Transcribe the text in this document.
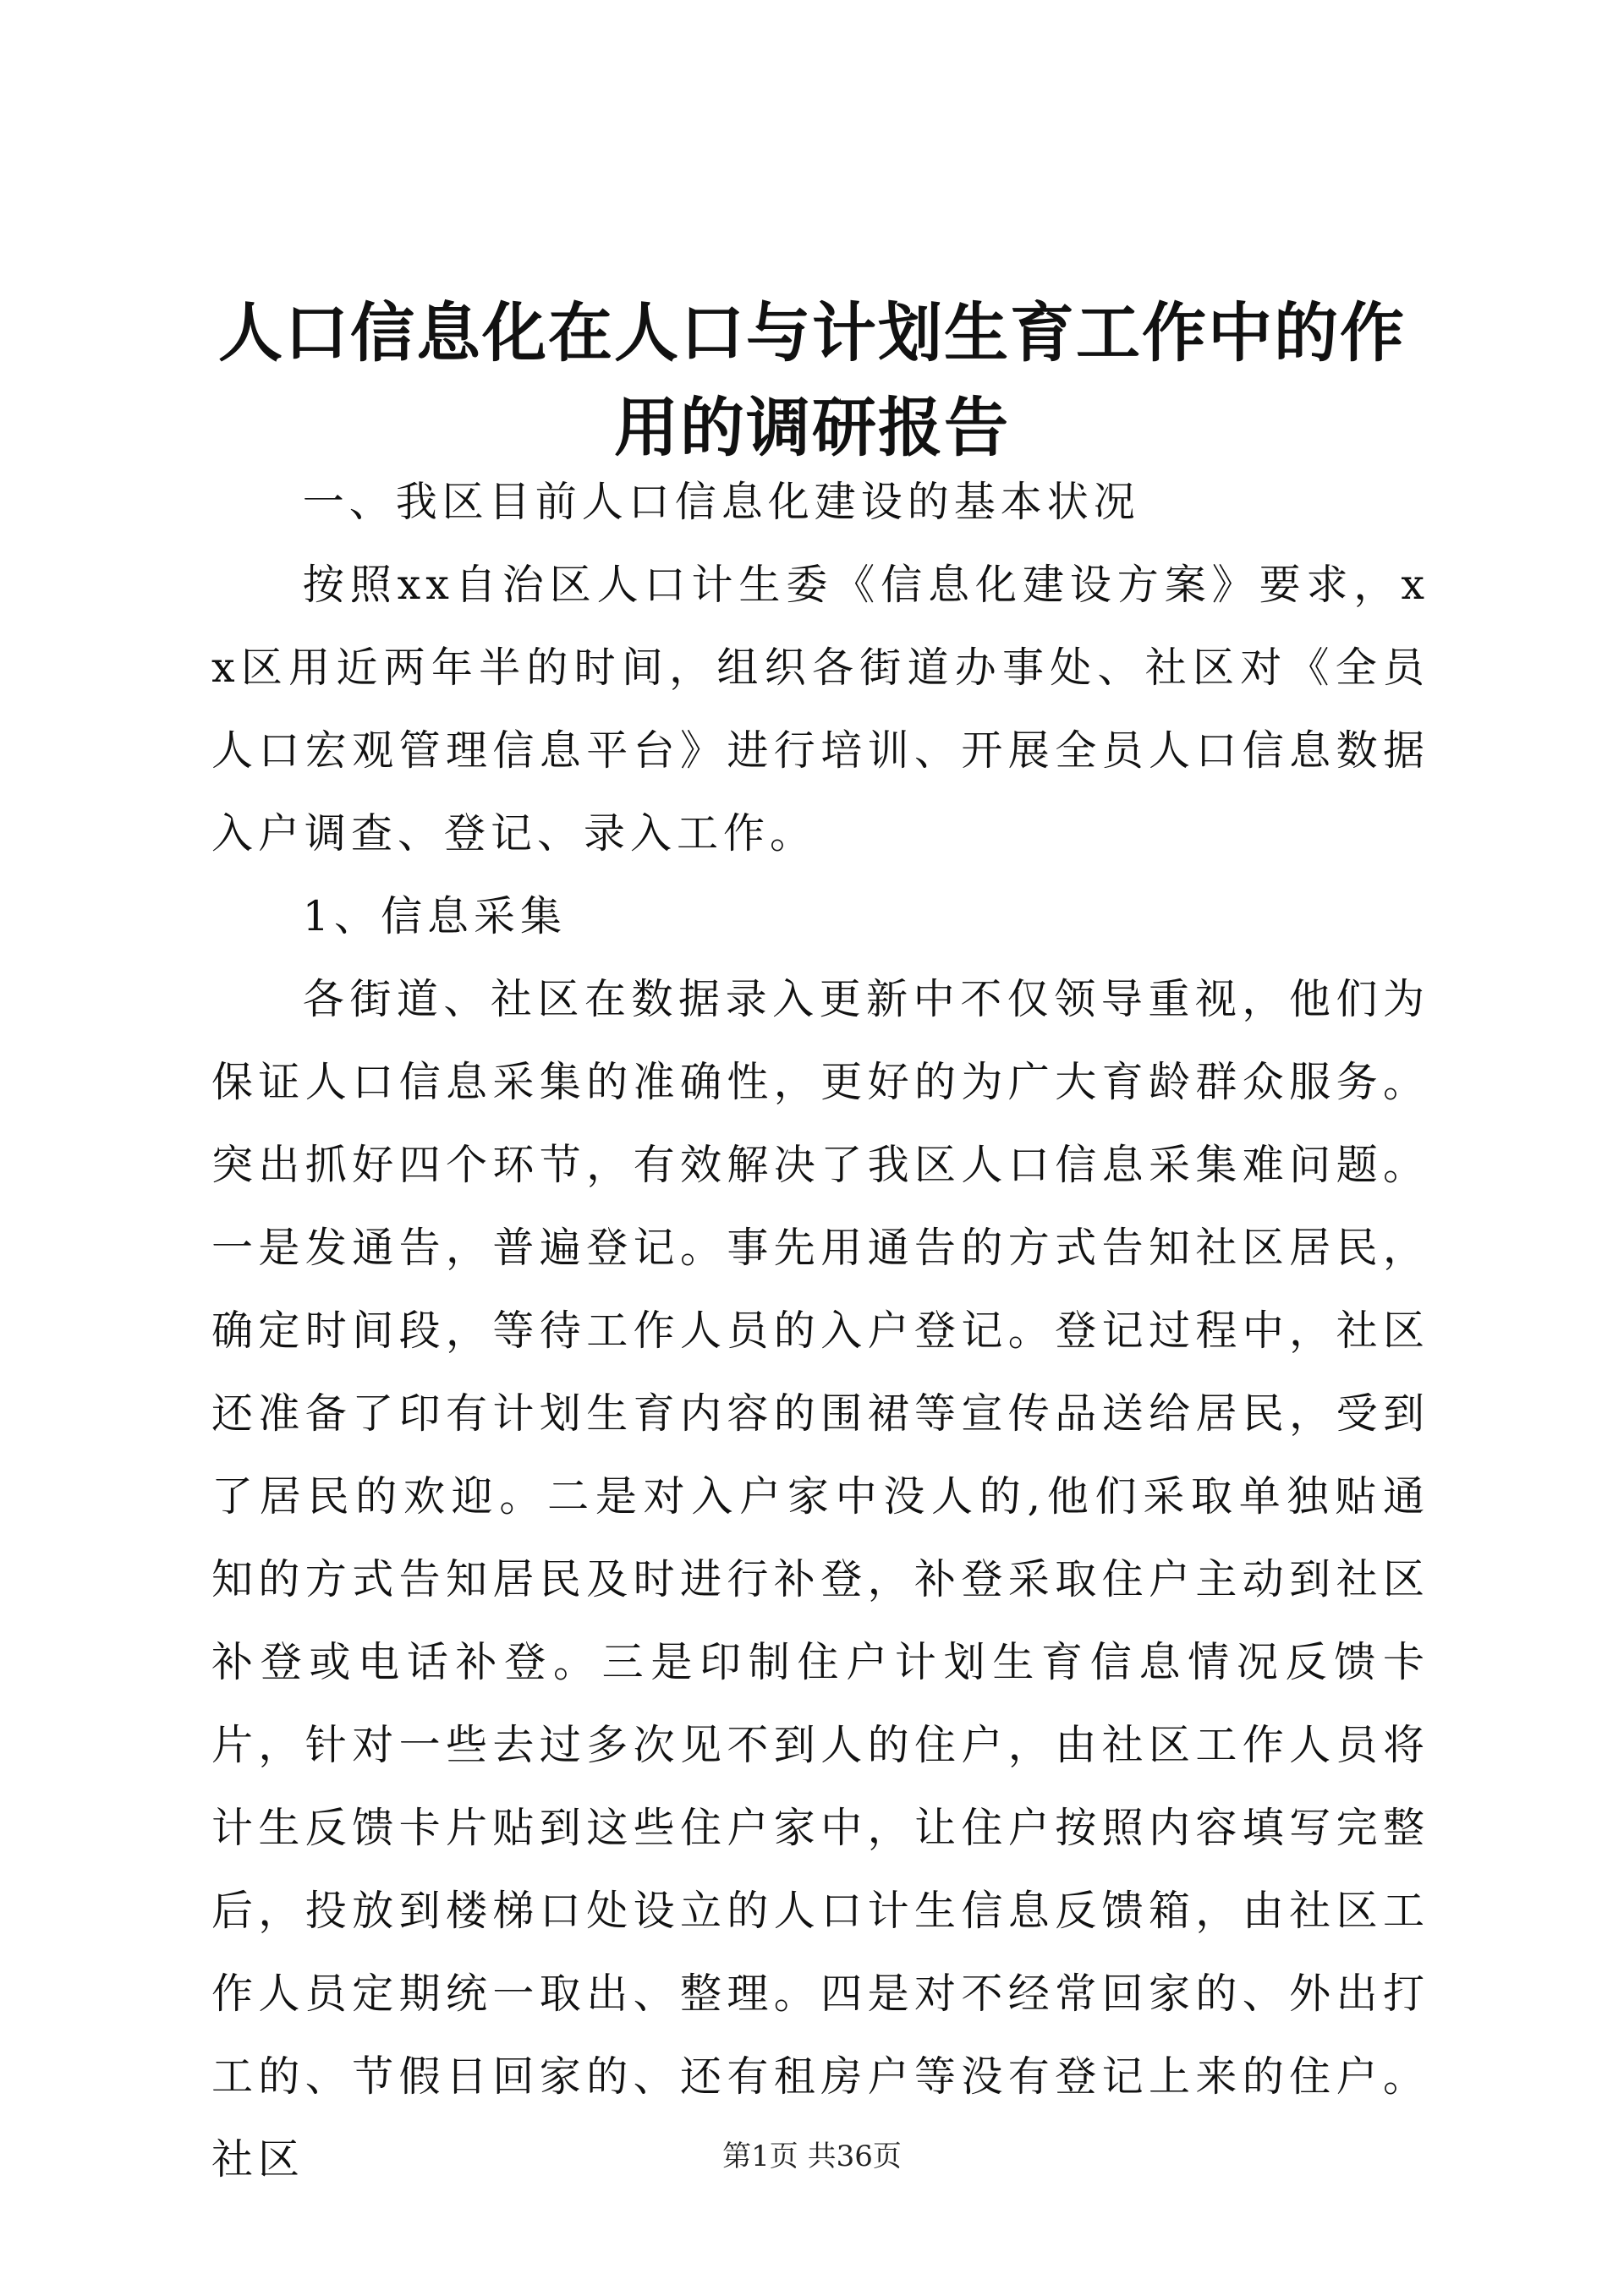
人口信息化在人口与计划生育工作中的作用的调研报告

一、我区目前人口信息化建设的基本状况

按照xx自治区人口计生委《信息化建设方案》要求，xx区用近两年半的时间，组织各街道办事处、社区对《全员人口宏观管理信息平台》进行培训、开展全员人口信息数据入户调查、登记、录入工作。

1、信息采集

各街道、社区在数据录入更新中不仅领导重视，他们为保证人口信息采集的准确性，更好的为广大育龄群众服务。突出抓好四个环节，有效解决了我区人口信息采集难问题。一是发通告，普遍登记。事先用通告的方式告知社区居民，确定时间段，等待工作人员的入户登记。登记过程中，社区还准备了印有计划生育内容的围裙等宣传品送给居民，受到了居民的欢迎。二是对入户家中没人的,他们采取单独贴通知的方式告知居民及时进行补登，补登采取住户主动到社区补登或电话补登。三是印制住户计划生育信息情况反馈卡片，针对一些去过多次见不到人的住户，由社区工作人员将计生反馈卡片贴到这些住户家中，让住户按照内容填写完整后，投放到楼梯口处设立的人口计生信息反馈箱，由社区工作人员定期统一取出、整理。四是对不经常回家的、外出打工的、节假日回家的、还有租房户等没有登记上来的住户。社区	第1页 共36页
